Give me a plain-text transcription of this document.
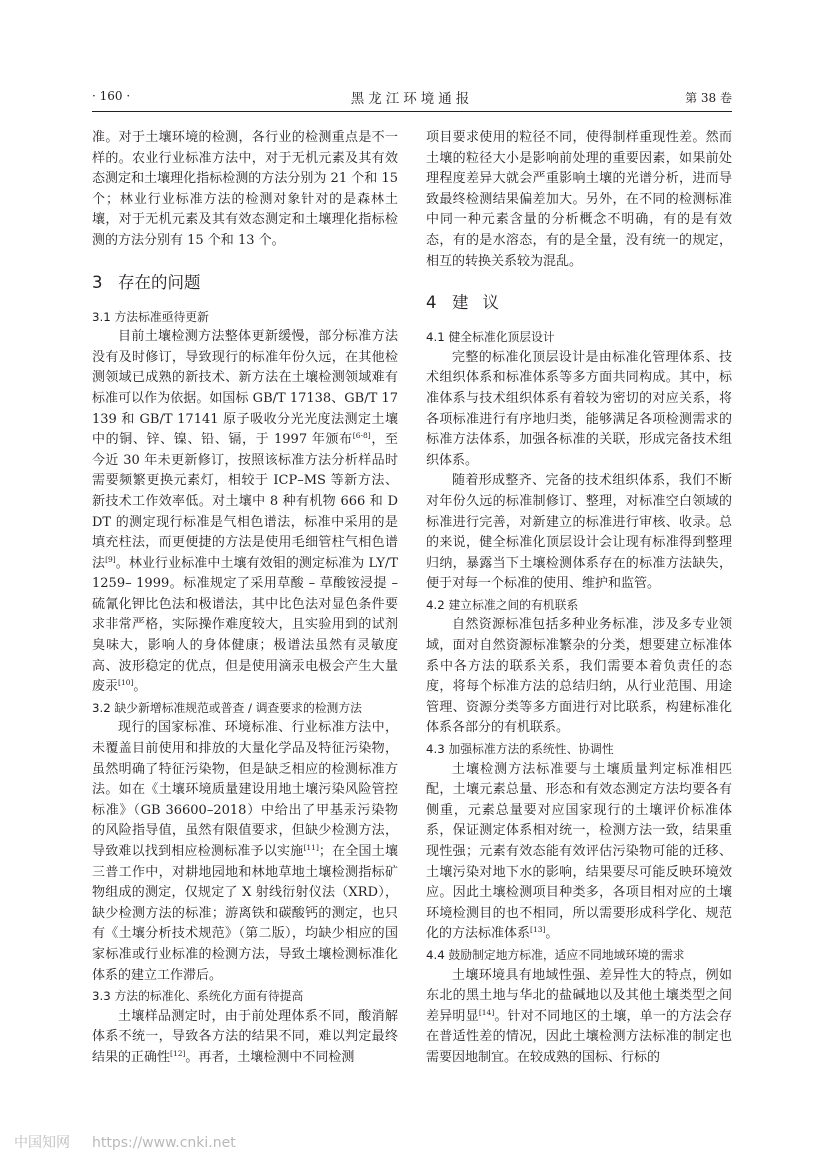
· 160 ·	黑龙江环境通报	第 38 卷

准。对于土壤环境的检测，各行业的检测重点是不一样的。农业行业标准方法中，对于无机元素及其有效态测定和土壤理化指标检测的方法分别为 21 个和 15 个；林业行业标准方法的检测对象针对的是森林土壤，对于无机元素及其有效态测定和土壤理化指标检测的方法分别有 15 个和 13 个。

3 存在的问题
3.1 方法标准亟待更新

目前土壤检测方法整体更新缓慢，部分标准方法没有及时修订，导致现行的标准年份久远，在其他检测领域已成熟的新技术、新方法在土壤检测领域难有标准可以作为依据。如国标 GB/T 17138、GB/T 17139 和 GB/T 17141 原子吸收分光光度法测定土壤中的铜、锌、镍、铅、镉，于 1997 年颁布[6-8]，至今近 30 年未更新修订，按照该标准方法分析样品时需要频繁更换元素灯，相较于 ICP–MS 等新方法、新技术工作效率低。对土壤中 8 种有机物 666 和 DDT 的测定现行标准是气相色谱法，标准中采用的是填充柱法，而更便捷的方法是使用毛细管柱气相色谱法[9]。林业行业标准中土壤有效钼的测定标准为 LY/T 1259– 1999。标准规定了采用草酸 – 草酸铵浸提 – 硫氰化钾比色法和极谱法，其中比色法对显色条件要求非常严格，实际操作难度较大，且实验用到的试剂臭味大，影响人的身体健康；极谱法虽然有灵敏度高、波形稳定的优点，但是使用滴汞电极会产生大量废汞[10]。

3.2 缺少新增标准规范或普查 / 调查要求的检测方法

现行的国家标准、环境标准、行业标准方法中，未覆盖目前使用和排放的大量化学品及特征污染物，虽然明确了特征污染物，但是缺乏相应的检测标准方法。如在《土壤环境质量建设用地土壤污染风险管控标准》（GB 36600–2018）中给出了甲基汞污染物的风险指导值，虽然有限值要求，但缺少检测方法，导致难以找到相应检测标准予以实施[11]；在全国土壤三普工作中，对耕地园地和林地草地土壤检测指标矿物组成的测定，仅规定了 X 射线衍射仪法（XRD），缺少检测方法的标准；游离铁和碳酸钙的测定，也只有《土壤分析技术规范》（第二版），均缺少相应的国家标准或行业标准的检测方法，导致土壤检测标准化体系的建立工作滞后。

3.3 方法的标准化、系统化方面有待提高

土壤样品测定时，由于前处理体系不同，酸消解体系不统一，导致各方法的结果不同，难以判定最终结果的正确性[12]。再者，土壤检测中不同检测

项目要求使用的粒径不同，使得制样重现性差。然而土壤的粒径大小是影响前处理的重要因素，如果前处理程度差异大就会严重影响土壤的光谱分析，进而导致最终检测结果偏差加大。另外，在不同的检测标准中同一种元素含量的分析概念不明确，有的是有效态，有的是水溶态，有的是全量，没有统一的规定，相互的转换关系较为混乱。

4建议
4.1 健全标准化顶层设计

完整的标准化顶层设计是由标准化管理体系、技术组织体系和标准体系等多方面共同构成。其中，标准体系与技术组织体系有着较为密切的对应关系，将各项标准进行有序地归类，能够满足各项检测需求的标准方法体系，加强各标准的关联，形成完备技术组织体系。

随着形成整齐、完备的技术组织体系，我们不断对年份久远的标准制修订、整理，对标准空白领域的标准进行完善，对新建立的标准进行审核、收录。总的来说，健全标准化顶层设计会让现有标准得到整理归纳，暴露当下土壤检测体系存在的标准方法缺失，便于对每一个标准的使用、维护和监管。

4.2 建立标准之间的有机联系

自然资源标准包括多种业务标准，涉及多专业领域，面对自然资源标准繁杂的分类，想要建立标准体系中各方法的联系关系，我们需要本着负责任的态度，将每个标准方法的总结归纳，从行业范围、用途管理、资源分类等多方面进行对比联系，构建标准化体系各部分的有机联系。

4.3 加强标准方法的系统性、协调性

土壤检测方法标准要与土壤质量判定标准相匹配，土壤元素总量、形态和有效态测定方法均要各有侧重，元素总量要对应国家现行的土壤评价标准体系，保证测定体系相对统一，检测方法一致，结果重现性强；元素有效态能有效评估污染物可能的迁移、土壤污染对地下水的影响，结果要尽可能反映环境效应。因此土壤检测项目种类多，各项目相对应的土壤环境检测目的也不相同，所以需要形成科学化、规范化的方法标准体系[13]。

4.4 鼓励制定地方标准，适应不同地域环境的需求

土壤环境具有地域性强、差异性大的特点，例如东北的黑土地与华北的盐碱地以及其他土壤类型之间差异明显[14]。针对不同地区的土壤，单一的方法会存在普适性差的情况，因此土壤检测方法标准的制定也需要因地制宜。在较成熟的国标、行标的

中国知网 https://www.cnki.net
